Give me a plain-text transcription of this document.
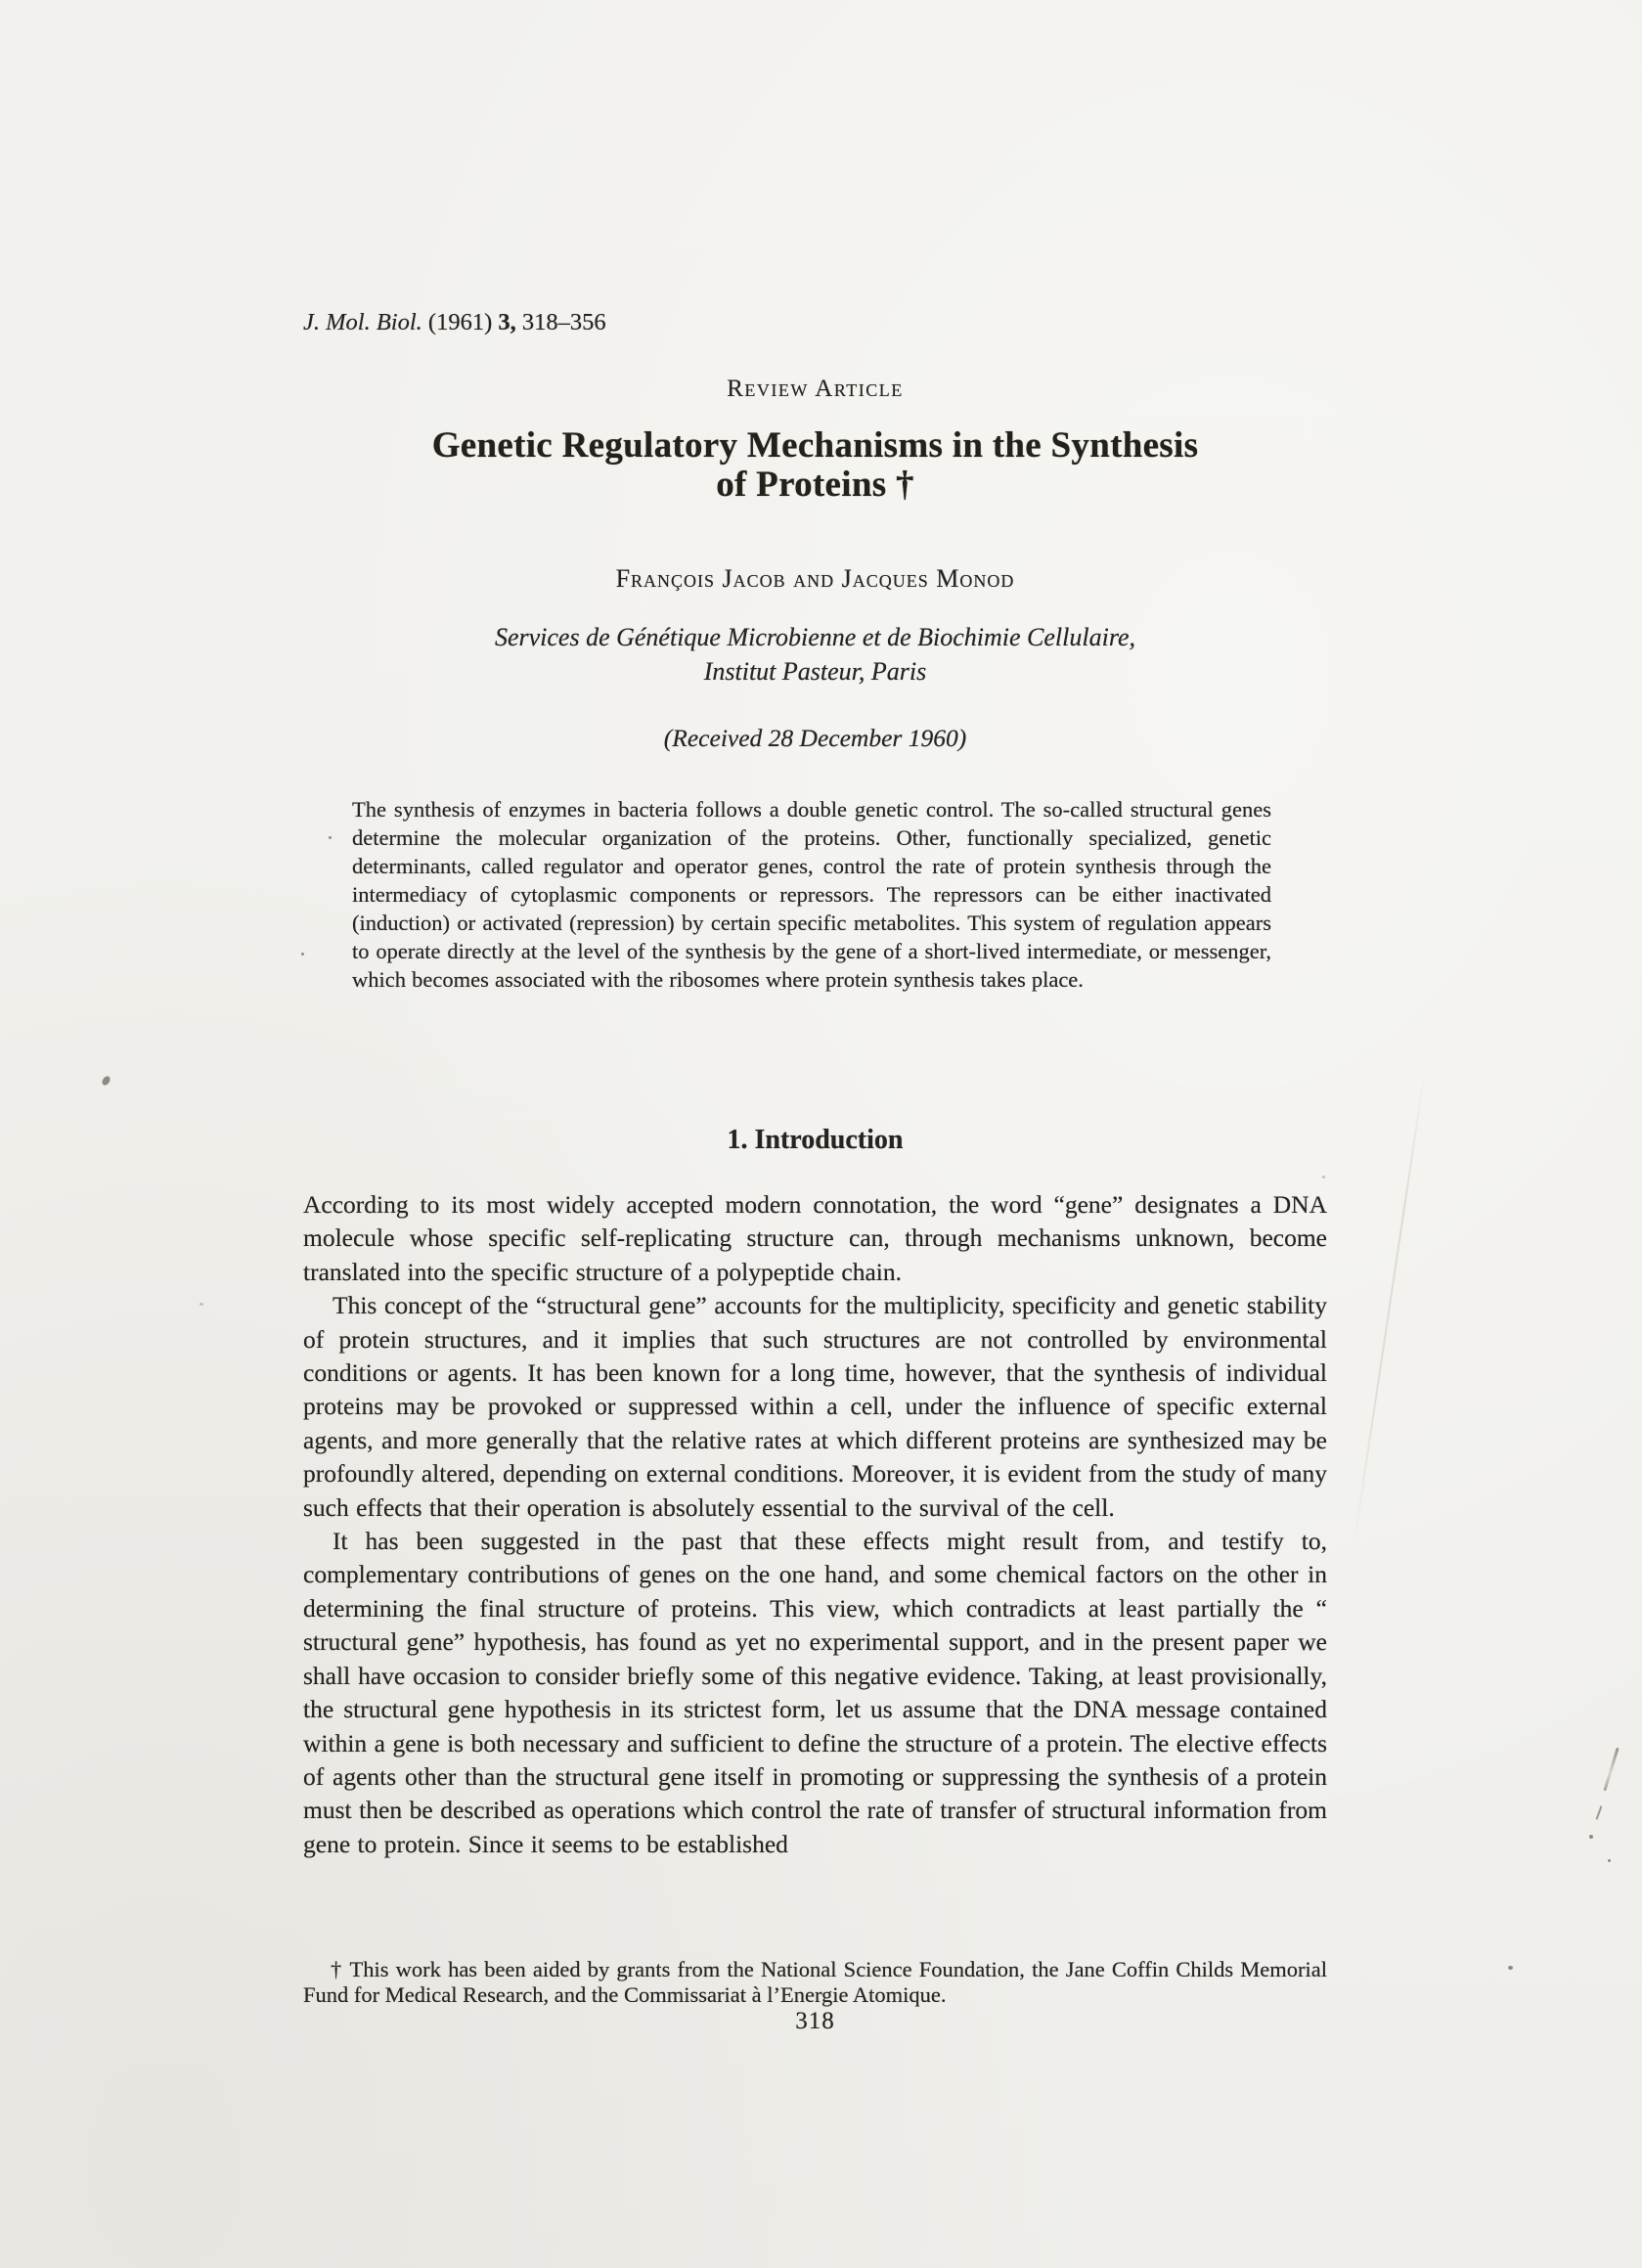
J. Mol. Biol. (1961) 3, 318–356
Review Article
Genetic Regulatory Mechanisms in the Synthesis
of Proteins †
François Jacob and Jacques Monod
Services de Génétique Microbienne et de Biochimie Cellulaire,
Institut Pasteur, Paris
(Received 28 December 1960)
The synthesis of enzymes in bacteria follows a double genetic control. The so-called structural genes determine the molecular organization of the proteins. Other, functionally specialized, genetic determinants, called regulator and operator genes, control the rate of protein synthesis through the intermediacy of cytoplasmic components or repressors. The repressors can be either inactivated (induction) or activated (repression) by certain specific metabolites. This system of regulation appears to operate directly at the level of the synthesis by the gene of a short-lived intermediate, or messenger, which becomes associated with the ribosomes where protein synthesis takes place.
1. Introduction

According to its most widely accepted modern connotation, the word “gene” designates a DNA molecule whose specific self-replicating structure can, through mechanisms unknown, become translated into the specific structure of a polypeptide chain.

This concept of the “structural gene” accounts for the multiplicity, specificity and genetic stability of protein structures, and it implies that such structures are not controlled by environmental conditions or agents. It has been known for a long time, however, that the synthesis of individual proteins may be provoked or suppressed within a cell, under the influence of specific external agents, and more generally that the relative rates at which different proteins are synthesized may be profoundly altered, depending on external conditions. Moreover, it is evident from the study of many such effects that their operation is absolutely essential to the survival of the cell.

It has been suggested in the past that these effects might result from, and testify to, complementary contributions of genes on the one hand, and some chemical factors on the other in determining the final structure of proteins. This view, which contradicts at least partially the “ structural gene” hypothesis, has found as yet no experimental support, and in the present paper we shall have occasion to consider briefly some of this negative evidence. Taking, at least provisionally, the structural gene hypothesis in its strictest form, let us assume that the DNA message contained within a gene is both necessary and sufficient to define the structure of a protein. The elective effects of agents other than the structural gene itself in promoting or suppressing the synthesis of a protein must then be described as operations which control the rate of transfer of structural information from gene to protein. Since it seems to be established

† This work has been aided by grants from the National Science Foundation, the Jane Coffin Childs Memorial Fund for Medical Research, and the Commissariat à l’Energie Atomique.
318
